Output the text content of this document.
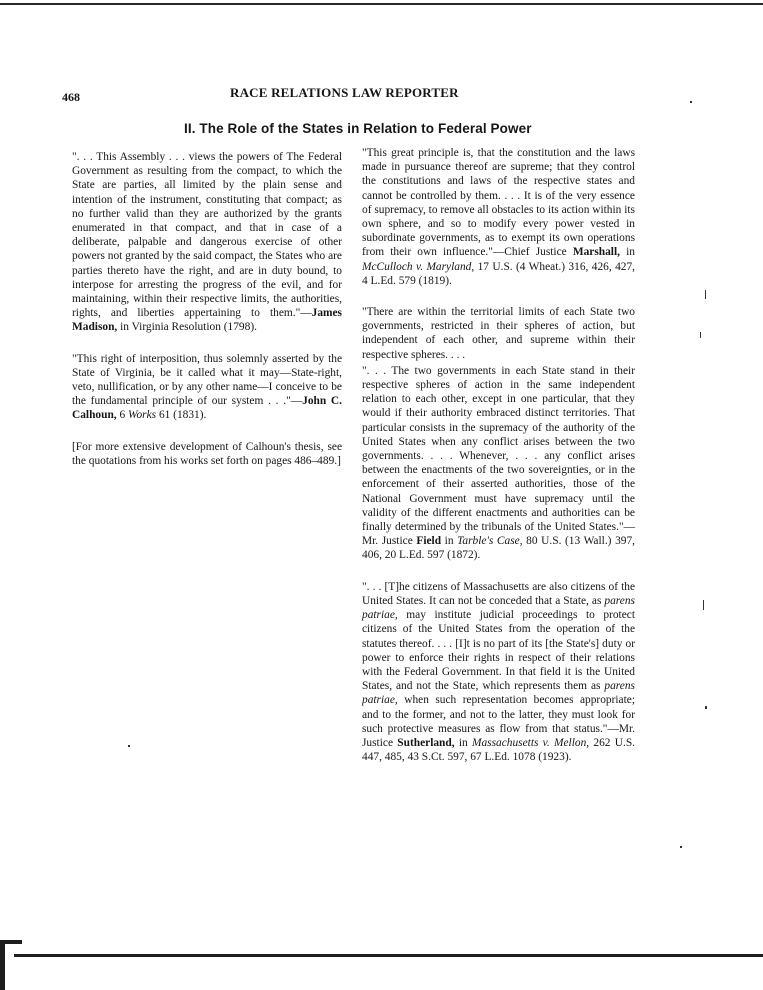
468	RACE RELATIONS LAW REPORTER
II. The Role of the States in Relation to Federal Power

". . . This Assembly . . . views the powers of The Federal Government as resulting from the compact, to which the State are parties, all limited by the plain sense and intention of the instrument, constituting that compact; as no further valid than they are authorized by the grants enumerated in that compact, and that in case of a deliberate, palpable and dangerous exercise of other powers not granted by the said compact, the States who are parties thereto have the right, and are in duty bound, to interpose for arresting the progress of the evil, and for maintaining, within their respective limits, the authorities, rights, and liberties appertaining to them."—James Madison, in Virginia Resolution (1798).

"This right of interposition, thus solemnly asserted by the State of Virginia, be it called what it may—State-right, veto, nullification, or by any other name—I conceive to be the fundamental principle of our system . . ."—John C. Calhoun, 6 Works 61 (1831).

[For more extensive development of Calhoun's thesis, see the quotations from his works set forth on pages 486–489.]

"This great principle is, that the constitution and the laws made in pursuance thereof are supreme; that they control the constitutions and laws of the respective states and cannot be controlled by them. . . . It is of the very essence of supremacy, to remove all obstacles to its action within its own sphere, and so to modify every power vested in subordinate governments, as to exempt its own operations from their own influence."—Chief Justice Marshall, in McCulloch v. Maryland, 17 U.S. (4 Wheat.) 316, 426, 427, 4 L.Ed. 579 (1819).

"There are within the territorial limits of each State two governments, restricted in their spheres of action, but independent of each other, and supreme within their respective spheres. . . .

". . . The two governments in each State stand in their respective spheres of action in the same independent relation to each other, except in one particular, that they would if their authority embraced distinct territories. That particular consists in the supremacy of the authority of the United States when any conflict arises between the two governments. . . . Whenever, . . . any conflict arises between the enactments of the two sovereignties, or in the enforcement of their asserted authorities, those of the National Government must have supremacy until the validity of the different enactments and authorities can be finally determined by the tribunals of the United States."—Mr. Justice Field in Tarble's Case, 80 U.S. (13 Wall.) 397, 406, 20 L.Ed. 597 (1872).

". . . [T]he citizens of Massachusetts are also citizens of the United States. It can not be conceded that a State, as parens patriae, may institute judicial proceedings to protect citizens of the United States from the operation of the statutes thereof. . . . [I]t is no part of its [the State's] duty or power to enforce their rights in respect of their relations with the Federal Government. In that field it is the United States, and not the State, which represents them as parens patriae, when such representation becomes appropriate; and to the former, and not to the latter, they must look for such protective measures as flow from that status."—Mr. Justice Sutherland, in Massachusetts v. Mellon, 262 U.S. 447, 485, 43 S.Ct. 597, 67 L.Ed. 1078 (1923).
